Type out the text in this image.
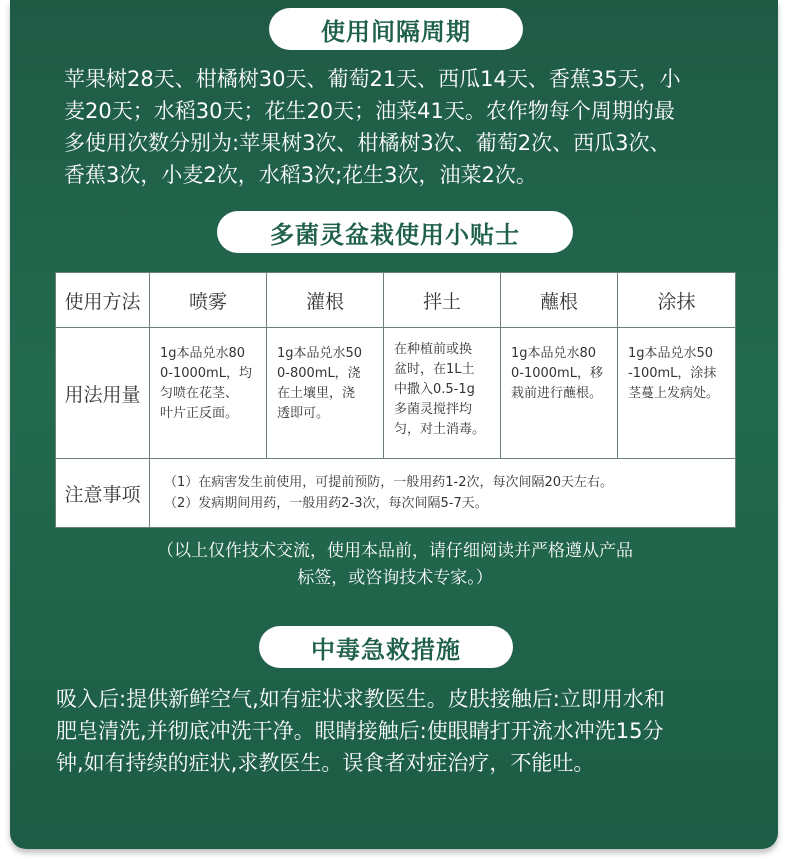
使用间隔周期

苹果树28天、柑橘树30天、葡萄21天、西瓜14天、香蕉35天，小
麦20天；水稻30天；花生20天；油菜41天。农作物每个周期的最
多使用次数分别为:苹果树3次、柑橘树3次、葡萄2次、西瓜3次、
香蕉3次，小麦2次，水稻3次;花生3次，油菜2次。

多菌灵盆栽使用小贴士
使用方法	喷雾	灌根	拌土	蘸根	涂抹
用法用量	1g本品兑水80
0-1000mL，均
匀喷在花茎、
叶片正反面。	1g本品兑水50
0-800mL，浇
在土壤里，浇
透即可。	在种植前或换
盆时，在1L土
中撒入0.5-1g
多菌灵搅拌均
匀，对土消毒。	1g本品兑水80
0-1000mL，移
栽前进行蘸根。	1g本品兑水50
-100mL，涂抹
茎蔓上发病处。

注意事项	（1）在病害发生前使用，可提前预防，一般用药1-2次，每次间隔20天左右。
（2）发病期间用药，一般用药2-3次，每次间隔5-7天。				
（以上仅作技术交流，使用本品前，请仔细阅读并严格遵从产品
标签，或咨询技术专家。）
中毒急救措施

吸入后:提供新鲜空气,如有症状求教医生。皮肤接触后:立即用水和
肥皂清洗,并彻底冲洗干净。眼睛接触后:使眼睛打开流水冲洗15分
钟,如有持续的症状,求教医生。误食者对症治疗，不能吐。
